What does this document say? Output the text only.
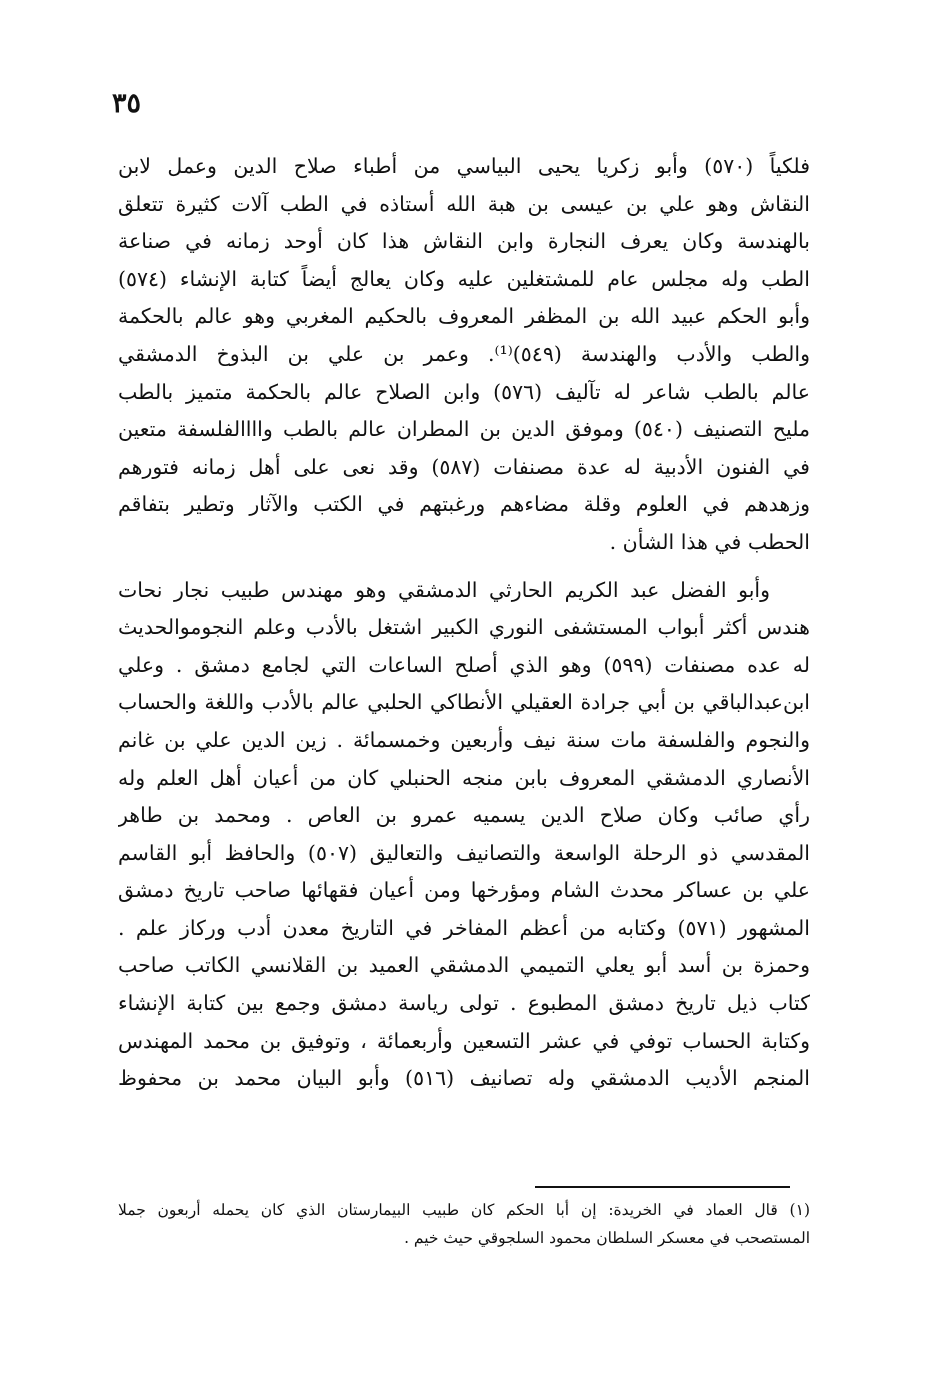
٣٥
فلكياً (٥٧٠) وأبو زكريا يحيى البياسي من أطباء صلاح الدين وعمل لابن
النقاش وهو علي بن عيسى بن هبة الله أستاذه في الطب آلات كثيرة تتعلق
بالهندسة وكان يعرف النجارة وابن النقاش هذا كان أوحد زمانه في صناعة
الطب وله مجلس عام للمشتغلين عليه وكان يعالج أيضاً كتابة الإنشاء (٥٧٤)
وأبو الحكم عبيد الله بن المظفر المعروف بالحكيم المغربي وهو عالم بالحكمة
والطب والأدب والهندسة (٥٤٩)⁽¹⁾. وعمر بن علي بن البذوخ الدمشقي
عالم بالطب شاعر له تآليف (٥٧٦) وابن الصلاح عالم بالحكمة متميز بالطب
مليح التصنيف (٥٤٠) وموفق الدين بن المطران عالم بالطب واااالفلسفة متعين
في الفنون الأدبية له عدة مصنفات (٥٨٧) وقد نعى على أهل زمانه فتورهم
وزهدهم في العلوم وقلة مضاءهم ورغبتهم في الكتب والآثار وتطير بتفاقم
الحطب في هذا الشأن .
وأبو الفضل عبد الكريم الحارثي الدمشقي وهو مهندس طبيب نجار نحات
هندس أكثر أبواب المستشفى النوري الكبير اشتغل بالأدب وعلم النجوموالحديث
له عده مصنفات (٥٩٩) وهو الذي أصلح الساعات التي لجامع دمشق . وعلي
ابن‌عبدالباقي بن أبي جرادة العقيلي الأنطاكي الحلبي عالم بالأدب واللغة والحساب
والنجوم والفلسفة مات سنة نيف وأربعين وخمسمائة . زين الدين علي بن غانم
الأنصاري الدمشقي المعروف بابن منجه الحنبلي كان من أعيان أهل العلم وله
رأي صائب وكان صلاح الدين يسميه عمرو بن العاص . ومحمد بن طاهر
المقدسي ذو الرحلة الواسعة والتصانيف والتعاليق (٥٠٧) والحافظ أبو القاسم
علي بن عساكر محدث الشام ومؤرخها ومن أعيان فقهائها صاحب تاريخ دمشق
المشهور (٥٧١) وكتابه من أعظم المفاخر في التاريخ معدن أدب وركاز علم .
وحمزة بن أسد أبو يعلي التميمي الدمشقي العميد بن القلانسي الكاتب صاحب
كتاب ذيل تاريخ دمشق المطبوع . تولى رياسة دمشق وجمع بين كتابة الإنشاء
وكتابة الحساب توفي في عشر التسعين وأربعمائة ، وتوفيق بن محمد المهندس
المنجم الأديب الدمشقي وله تصانيف (٥١٦) وأبو البيان محمد بن محفوظ
(١) قال العماد في الخريدة: إن أبا الحكم كان طبيب البيمارستان الذي كان يحمله أربعون جملا
المستصحب في معسكر السلطان محمود السلجوقي حيث خيم .
